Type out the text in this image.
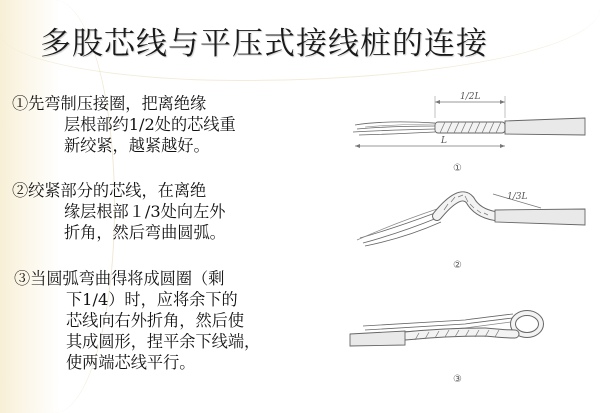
多股芯线与平压式接线桩的连接
①先弯制压接圈，把离绝缘
层根部约1/2处的芯线重
新绞紧，越紧越好。
②绞紧部分的芯线，在离绝
缘层根部１/3处向左外
折角，然后弯曲圆弧。
③当圆弧弯曲得将成圆圈（剩
下1/4）时，应将余下的
芯线向右外折角，然后使
其成圆形，捏平余下线端，
使两端芯线平行。
1/2L
L
①
1/3L
②
③
